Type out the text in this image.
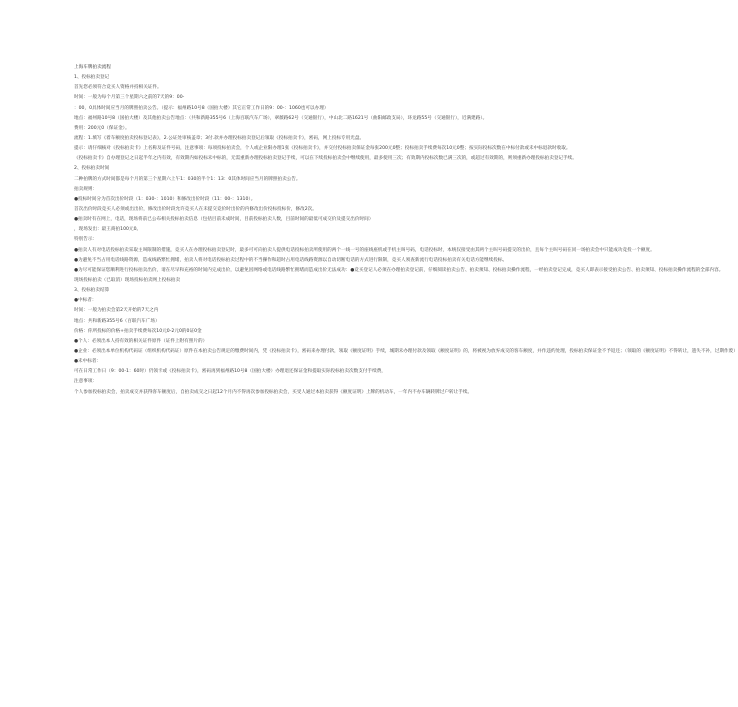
上海车牌拍卖流程
1、投标拍卖登记
首先您必须符合竞买人资格并持相关证件。
时间：一般为每个月第三个星期六之前的7天的9：00-
：00，0具体时间应当月的牌照拍卖公告。（提示：福州路10号8（国拍大楼）其它正常工作日的9：00-：1060也可以办理）
地点：福州路10号8（国拍大楼）及其他拍卖公告地点：（共和新路355号6（上海百联汽车广场），翠薇路62号（交通银行），中山北二路1621号（曲阳邮政支局），环龙路55号（交通银行），近满建路）。
费用：200元0（保证金）。
流程：1.填写《着车额度拍卖投标登记表》，2.公证处审核盖章；3付.款并办理投标拍卖登记后领取《投标拍卖卡》，密码，网上投标专用光盘。
提示：请仔细核对《投标拍卖卡》上名称及证件号码，注意事项：每项投标拍卖会，个人或企业限办理1张《投标拍卖卡》，并交付投标拍卖保证金每张200元0整；投标拍卖手续费每次10元0整；按实际投标次数在中标付款或未中标退款时收取。
《投标拍卖卡》自办理登记之日起半年之内有效，有效期内如投标未中标的，无需重新办理投标拍卖登记手续，可以在下续投标拍卖会中继续使用，最多使用三次；有效期内投标次数已满三次的，或超过有效期的，则须重新办理投标拍卖登记手续。
2、投标拍卖时间
二种拍牌的方式时间都是每个月的第三个星期六上午1：030的半个1：13：0其体时间应当月的牌照拍卖公告。
拍卖规则：
●投标时间分为首次出价时段（1：030-：1010）和修改出价时段（11：00-：1310）。
首次出价时段竞买人必须或出出价，修改出价时段允许竞买人在未提交竞价时出价的内修改出价投标投标价，修改2次。
●拍卖时有在网上，电话，现场将前已公布相关投标拍卖信息（包括目前未成时间，目前投标拍卖人数，目前时间的最低可成交价及提交出价时间）
，现场发出：最王商拍100元0。
特别告示：
●拍卖人有对电话投标拍卖采取主叫限制的措施，竞买人在办理投标拍卖登记时，最多可可向拍卖人提供电话投标拍卖所使用的两个一线一号的座线座机或手机主叫号码，电话投标时，本统仅接受由其两个主叫号码提交的出价，且每个主叫号码在同一场拍卖会中只能成功竞投一个额度。
●为避免不当占用电话线路资源，造成线路繁忙拥堵，拍卖人将对电话投标拍卖过程中的不当操作和超时占用电话线路资源以自动切断电话的方式进行限制，竞买人须查新流行电话投标拍卖有关电话方能继续投标。
●为尽可能保证您顺利进行投标拍卖出价，请在尽早和充裕的时间内完成出价，以避免因网络或电话线路繁忙拥堵而造成出价无法成功：●竞买登记人必须在办理拍卖登记前，仔细阅读拍卖公告、拍卖须知、投标拍卖操作流程，一经拍卖登记完成，竞买人即表示接受拍卖公告、拍卖须知、投标拍卖操作流程的全部内容。
现场投标拍卖（已取消）现场投标拍卖网上投标拍卖
3、投标拍卖结算
●中标者：
时间：一般为拍卖会第2天开始的7天之内
地点：共和新路355号6（百联汽车广场）
价格：你所投标的价格+拍卖手续费每次10元0-2元0的0证0金
●个人：必须出本人持有效的相关证件原件（证件上附有照片的）
●企业：必须出本单位机构代码证（组织机构代码证）原件在本拍卖公告规定的缴费时间内，凭《投标拍卖卡》，密码来办理付款，领取《额度证明》手续，城期未办理付款及领取《额度证明》的，将被视为放弃成交的客车额度，并作违约处理，投标拍卖保证金不予返还；（领取的《额度证明》不得转让，遗失不补，过期作废）
●未中标者：
可在日常工作日（9：00-1：60时）仍领卡或《投标拍卖卡》，密码再到福州路10号8（国拍大楼）办理退还保证金和提取实际投标拍卖次数支付手续费，
注意事项：
个人参加投标拍卖会，拍卖成交并获得客车额度后，自拍卖成交之日起12个月内不得再次参加投标拍卖会，买受人通过本拍卖获得《额度证明》上牌的机动车，一年内不办车辆转牌过户转让手续。
